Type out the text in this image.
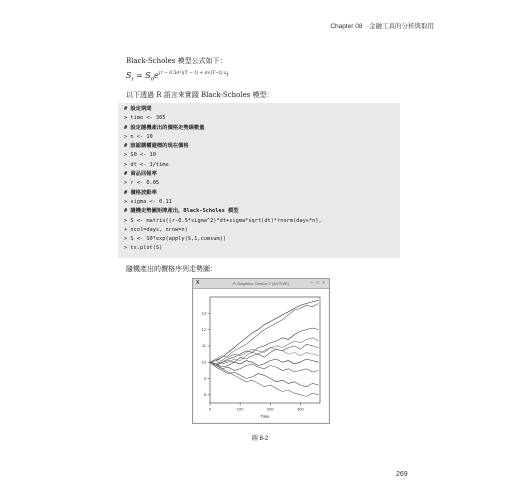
Chapter 08　金融工具的分析與取用
Black-Scholes 模型公式如下：
$S_t = S_0e^{(r - 0.5\sigma^2)(T - t) + \sigma√(T-t) \varepsilon_t}$
以下透過 R 語言來實踐 Black-Scholes 模型：
# 設定期間
> time <- 365
# 設定隨機產出的價格走勢線數量
> n <- 10
# 該認購權證標的現在價格
> S0 <- 10
> dt <- 1/time
# 商品回報率
> r <- 0.05
# 價格波動率
> sigma <- 0.11
# 隨機走勢圖矩陣產出，Black-Scholes 模型
> S <- matrix((r-0.5*sigma^2)*dt+sigma*sqrt(dt)*rnorm(days*n),
+ ncol=days, nrow=n)
> S <- S0*exp(apply(S,1,cumsum))
> ts.plot(S)
隨機產出的價格序列走勢圖：
X	R Graphics: Device 2 (ACTIVE)	– □ ×
0	100	200	300
8
9
10
11
12
13
Time
圖 8-2
269
